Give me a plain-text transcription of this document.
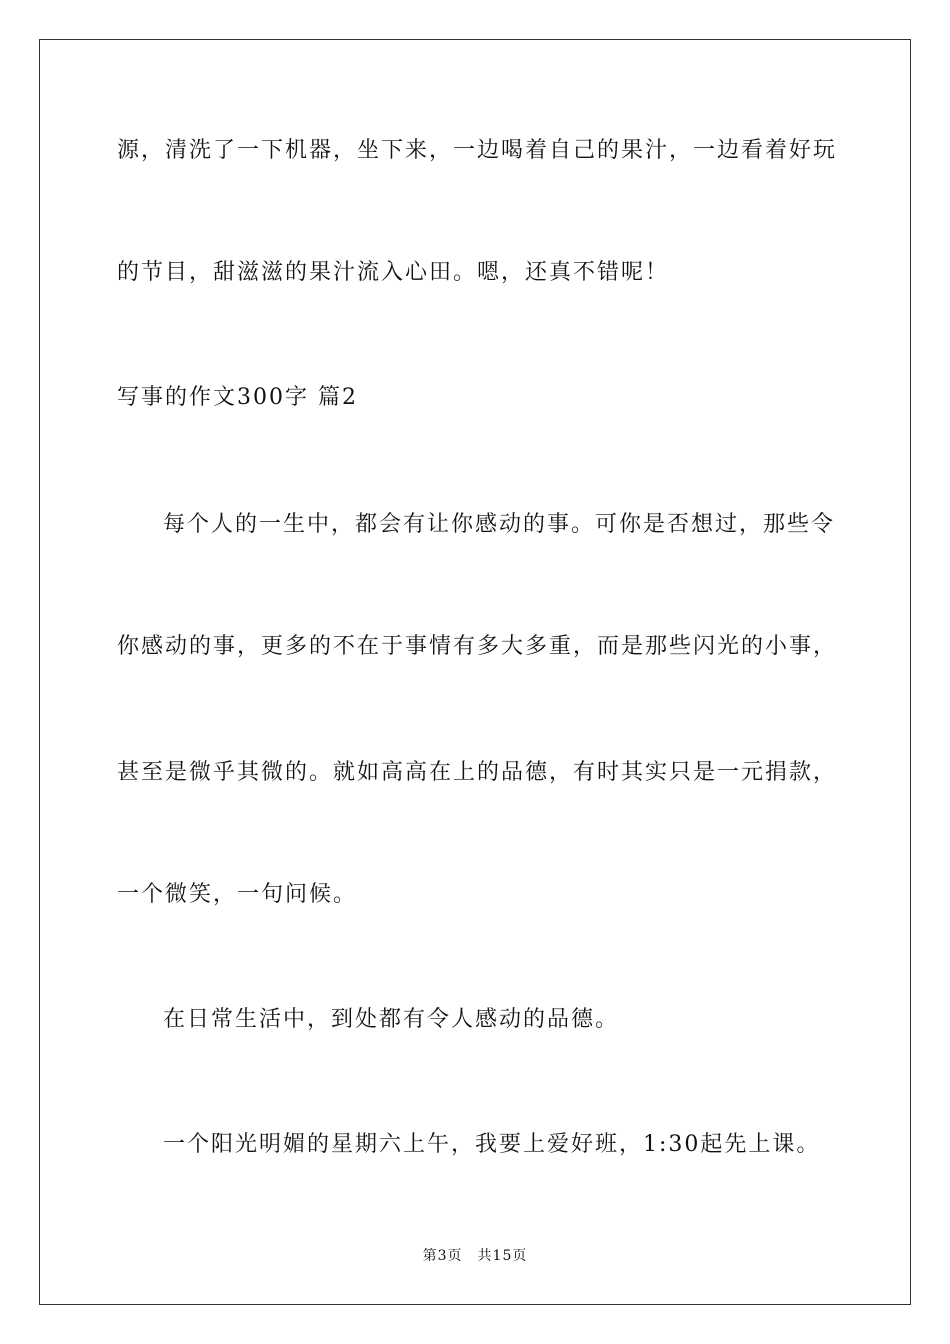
源，清洗了一下机器，坐下来，一边喝着自己的果汁，一边看着好玩
的节目，甜滋滋的果汁流入心田。嗯，还真不错呢！
写事的作文300字 篇2
每个人的一生中，都会有让你感动的事。可你是否想过，那些令
你感动的事，更多的不在于事情有多大多重，而是那些闪光的小事，
甚至是微乎其微的。就如高高在上的品德，有时其实只是一元捐款，
一个微笑，一句问候。
在日常生活中，到处都有令人感动的品德。
一个阳光明媚的星期六上午，我要上爱好班，1:30起先上课。
第3页　共15页
